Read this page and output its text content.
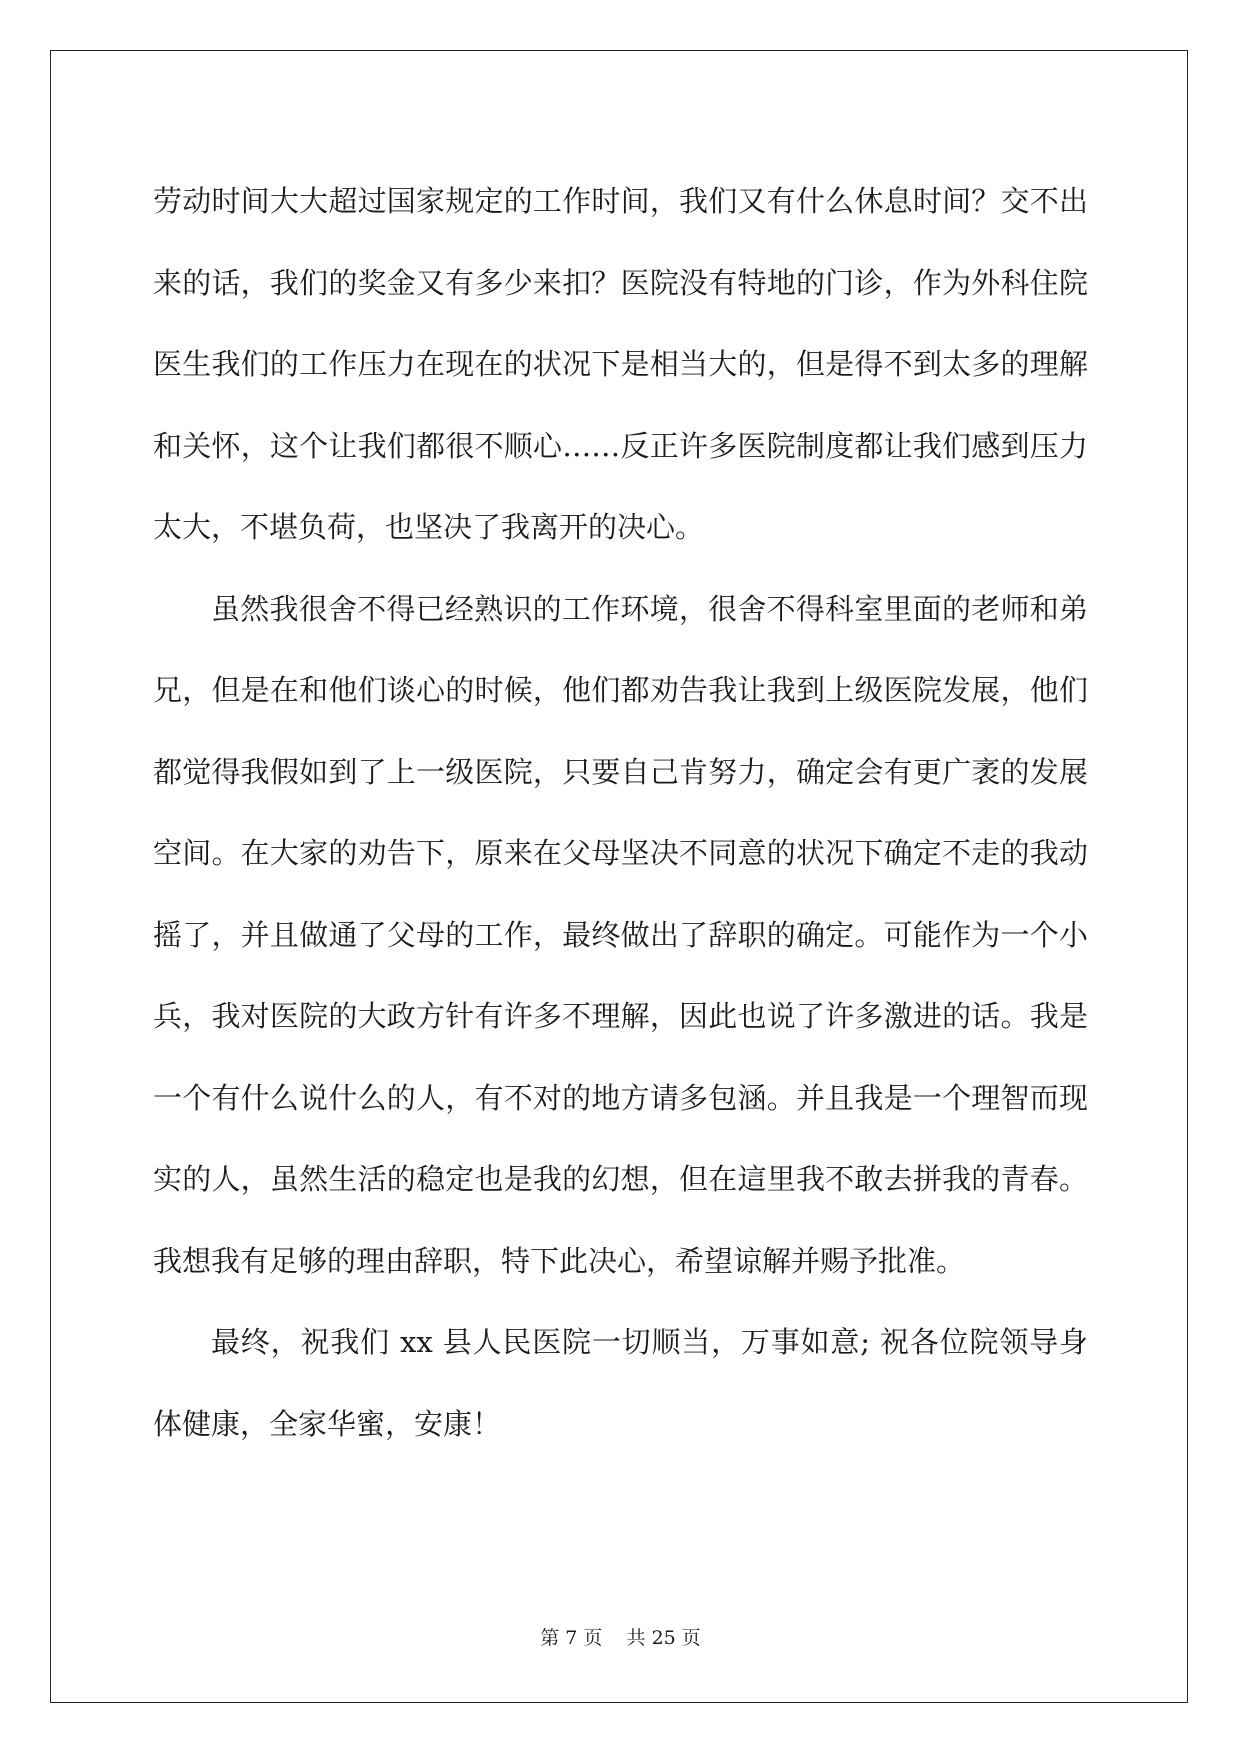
劳动时间大大超过国家规定的工作时间，我们又有什么休息时间？交不出来的话，我们的奖金又有多少来扣？医院没有特地的门诊，作为外科住院医生我们的工作压力在现在的状况下是相当大的，但是得不到太多的理解和关怀，这个让我们都很不顺心……反正许多医院制度都让我们感到压力太大，不堪负荷，也坚决了我离开的决心。

虽然我很舍不得已经熟识的工作环境，很舍不得科室里面的老师和弟兄，但是在和他们谈心的时候，他们都劝告我让我到上级医院发展，他们都觉得我假如到了上一级医院，只要自己肯努力，确定会有更广袤的发展空间。在大家的劝告下，原来在父母坚决不同意的状况下确定不走的我动摇了，并且做通了父母的工作，最终做出了辞职的确定。可能作为一个小兵，我对医院的大政方针有许多不理解，因此也说了许多激进的话。我是一个有什么说什么的人，有不对的地方请多包涵。并且我是一个理智而现实的人，虽然生活的稳定也是我的幻想，但在這里我不敢去拼我的青春。我想我有足够的理由辞职，特下此决心，希望谅解并赐予批准。

最终，祝我们 xx 县人民医院一切顺当，万事如意; 祝各位院领导身体健康，全家华蜜，安康！

第 7 页    共 25 页
